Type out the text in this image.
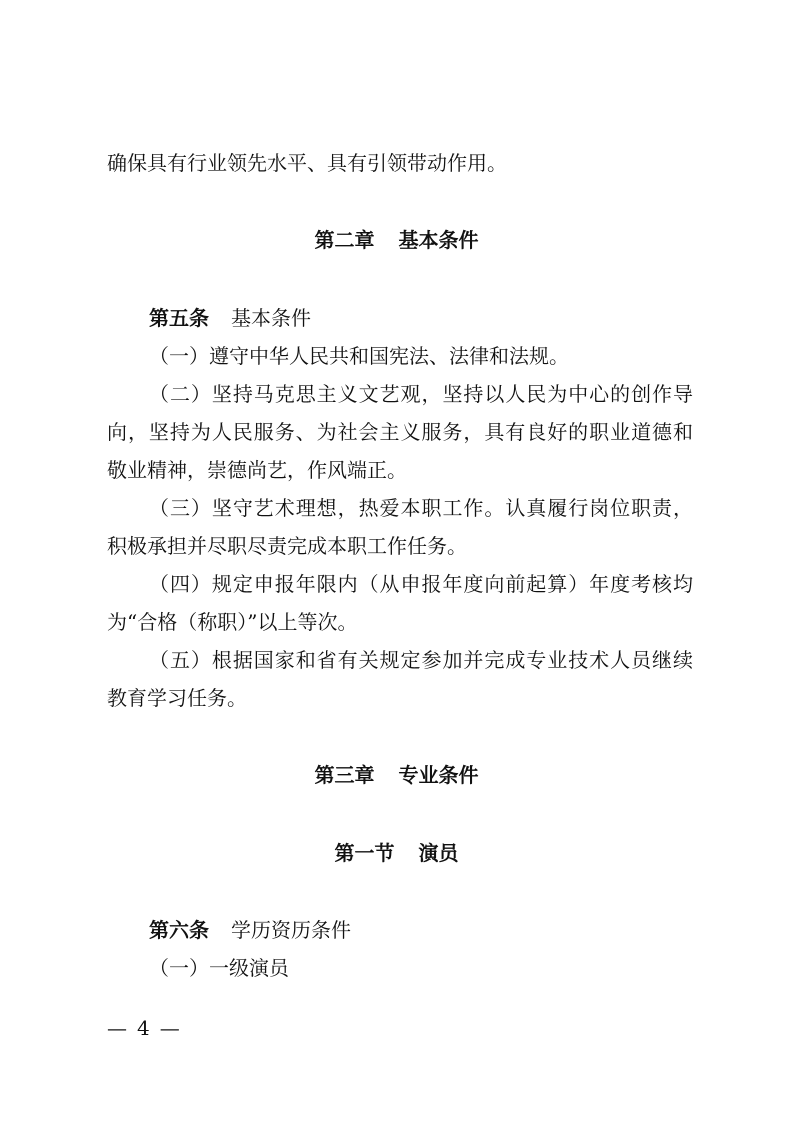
确保具有行业领先水平、具有引领带动作用。

第二章 基本条件

第五条 基本条件

（一）遵守中华人民共和国宪法、法律和法规。

（二）坚持马克思主义文艺观，坚持以人民为中心的创作导

向，坚持为人民服务、为社会主义服务，具有良好的职业道德和

敬业精神，崇德尚艺，作风端正。

（三）坚守艺术理想，热爱本职工作。认真履行岗位职责，

积极承担并尽职尽责完成本职工作任务。

（四）规定申报年限内（从申报年度向前起算）年度考核均

为“合格（称职）”以上等次。

（五）根据国家和省有关规定参加并完成专业技术人员继续

教育学习任务。

第三章 专业条件
第一节 演员

第六条 学历资历条件

（一）一级演员

— 4 —
